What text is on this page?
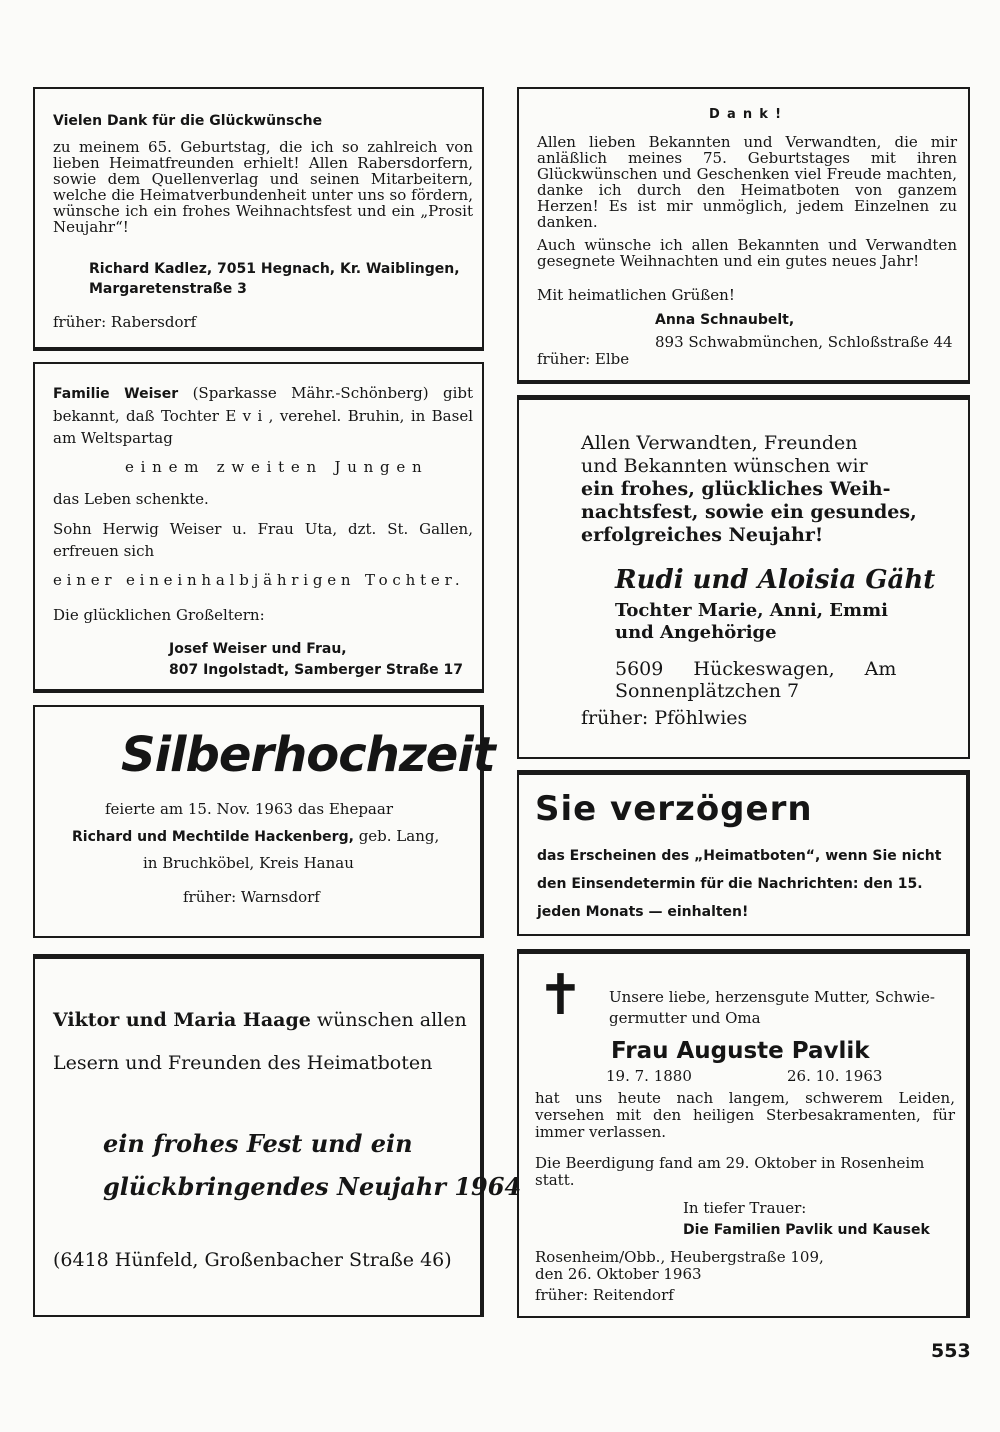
Vielen Dank für die Glückwünsche

zu meinem 65. Geburtstag, die ich so zahlreich von lieben Heimatfreunden erhielt! Allen Rabersdorfern, sowie dem Quellenverlag und seinen Mitarbeitern, welche die Heimatverbundenheit unter uns so fördern, wünsche ich ein frohes Weihnachtsfest und ein „Prosit Neujahr“!

Richard Kadlez, 7051 Hegnach, Kr. Waiblingen,
Margaretenstraße 3
früher: Rabersdorf
Dank!

Allen lieben Bekannten und Verwandten, die mir anläßlich meines 75. Geburtstages mit ihren Glückwünschen und Geschenken viel Freude machten, danke ich durch den Heimatboten von ganzem Herzen! Es ist mir unmöglich, jedem Einzelnen zu danken.

Auch wünsche ich allen Bekannten und Verwandten gesegnete Weihnachten und ein gutes neues Jahr!

Mit heimatlichen Grüßen!
Anna Schnaubelt,
893 Schwabmünchen, Schloßstraße 44
früher: Elbe

Familie Weiser (Sparkasse Mähr.-Schönberg) gibt bekannt, daß Tochter E v i , verehel. Bruhin, in Basel am Weltspartag

einem zweiten Jungen
das Leben schenkte.

Sohn Herwig Weiser u. Frau Uta, dzt. St. Gallen, erfreuen sich

einer eineinhalbjährigen Tochter.
Die glücklichen Großeltern:
Josef Weiser und Frau,
807 Ingolstadt, Samberger Straße 17
Allen Verwandten, Freunden
und Bekannten wünschen wir
ein frohes, glückliches Weih-
nachtsfest, sowie ein gesundes,
erfolgreiches Neujahr!
Rudi und Aloisia Gäht
Tochter Marie, Anni, Emmi
und Angehörige
5609 Hückeswagen, Am
Sonnenplätzchen 7
früher: Pföhlwies
Silberhochzeit
feierte am 15. Nov. 1963 das Ehepaar
Richard und Mechtilde Hackenberg, geb. Lang,
in Bruchköbel, Kreis Hanau
früher: Warnsdorf
Sie verzögern
das Erscheinen des „Heimatboten“, wenn Sie nicht
den Einsendetermin für die Nachrichten: den 15.
jeden Monats — einhalten!
Viktor und Maria Haage wünschen allen
Lesern und Freunden des Heimatboten
ein frohes Fest und ein
glückbringendes Neujahr 1964
(6418 Hünfeld, Großenbacher Straße 46)
✝ Unsere liebe, herzensgute Mutter, Schwie-
germutter und Oma
Frau Auguste Pavlik
19. 7. 1880	26. 10. 1963

hat uns heute nach langem, schwerem Leiden, versehen mit den heiligen Sterbesakramenten, für immer verlassen.

Die Beerdigung fand am 29. Oktober in Rosenheim statt.

In tiefer Trauer:
Die Familien Pavlik und Kausek
Rosenheim/Obb., Heubergstraße 109,
den 26. Oktober 1963
früher: Reitendorf
553
